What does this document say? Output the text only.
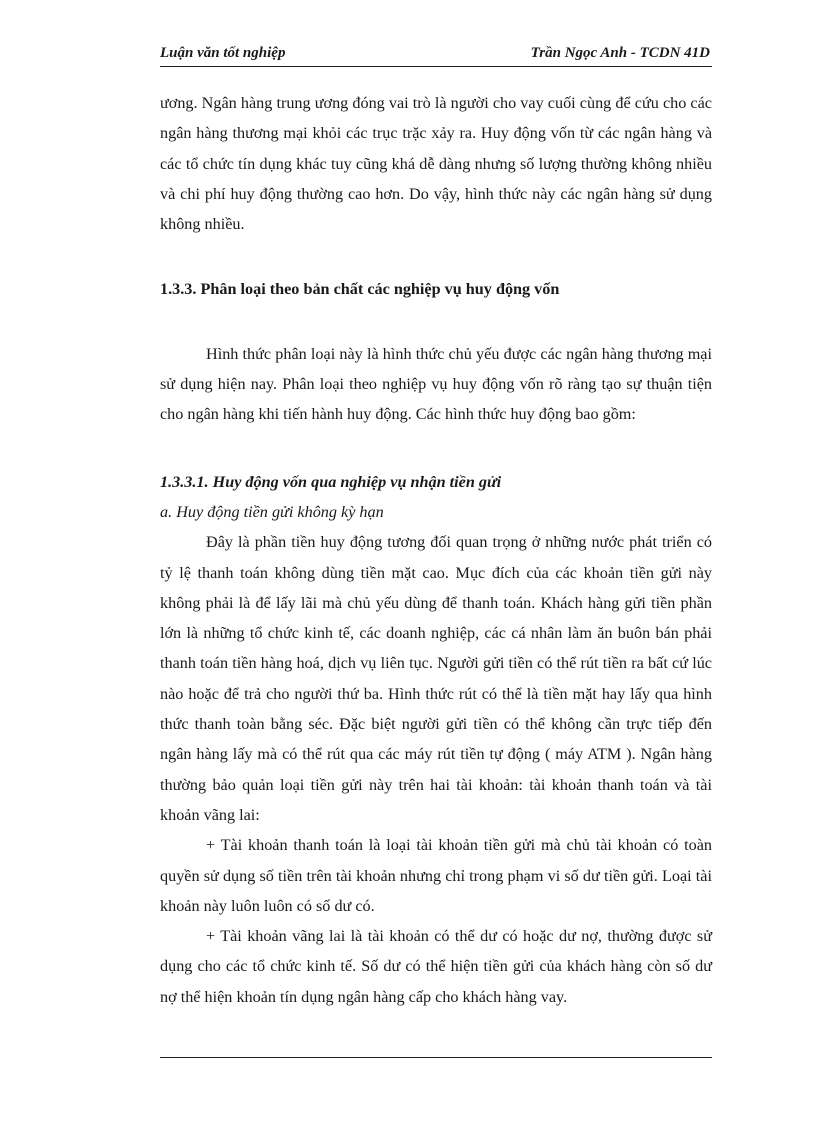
Luận văn tốt nghiệp	Trần Ngọc Anh - TCDN 41D

ương. Ngân hàng trung ương đóng vai trò là người cho vay cuối cùng để cứu cho các ngân hàng thương mại khỏi các trục trặc xảy ra. Huy động vốn từ các ngân hàng và các tổ chức tín dụng khác tuy cũng khá dễ dàng nhưng số lượng thường không nhiều và chi phí huy động thường cao hơn. Do vậy, hình thức này các ngân hàng sử dụng không nhiều.

1.3.3. Phân loại theo bản chất các nghiệp vụ huy động vốn

Hình thức phân loại này là hình thức chủ yếu được các ngân hàng thương mại sử dụng hiện nay. Phân loại theo nghiệp vụ huy động vốn rõ ràng tạo sự thuận tiện cho ngân hàng khi tiến hành huy động. Các hình thức huy động bao gồm:

1.3.3.1. Huy động vốn qua nghiệp vụ nhận tiền gửi

a. Huy động tiền gửi không kỳ hạn

Đây là phần tiền huy động tương đối quan trọng ở những nước phát triển có tỷ lệ thanh toán không dùng tiền mặt cao. Mục đích của các khoản tiền gửi này không phải là để lấy lãi mà chủ yếu dùng để thanh toán. Khách hàng gửi tiền phần lớn là những tổ chức kinh tế, các doanh nghiệp, các cá nhân làm ăn buôn bán phải thanh toán tiền hàng hoá, dịch vụ liên tục. Người gửi tiền có thể rút tiền ra bất cứ lúc nào hoặc để trả cho người thứ ba. Hình thức rút có thể là tiền mặt hay lấy qua hình thức thanh toàn bằng séc. Đặc biệt người gửi tiền có thể không cần trực tiếp đến ngân hàng lấy mà có thể rút qua các máy rút tiền tự động ( máy ATM ). Ngân hàng thường bảo quản loại tiền gửi này trên hai tài khoản: tài khoản thanh toán và tài khoản vãng lai:

+ Tài khoản thanh toán là loại tài khoản tiền gửi mà chủ tài khoản có toàn quyền sử dụng số tiền trên tài khoản nhưng chỉ trong phạm vi số dư tiền gửi. Loại tài khoản này luôn luôn có số dư có.

+ Tài khoản vãng lai là tài khoản có thể dư có hoặc dư nợ, thường được sử dụng cho các tổ chức kinh tế. Số dư có thể hiện tiền gửi của khách hàng còn số dư nợ thể hiện khoản tín dụng ngân hàng cấp cho khách hàng vay.
